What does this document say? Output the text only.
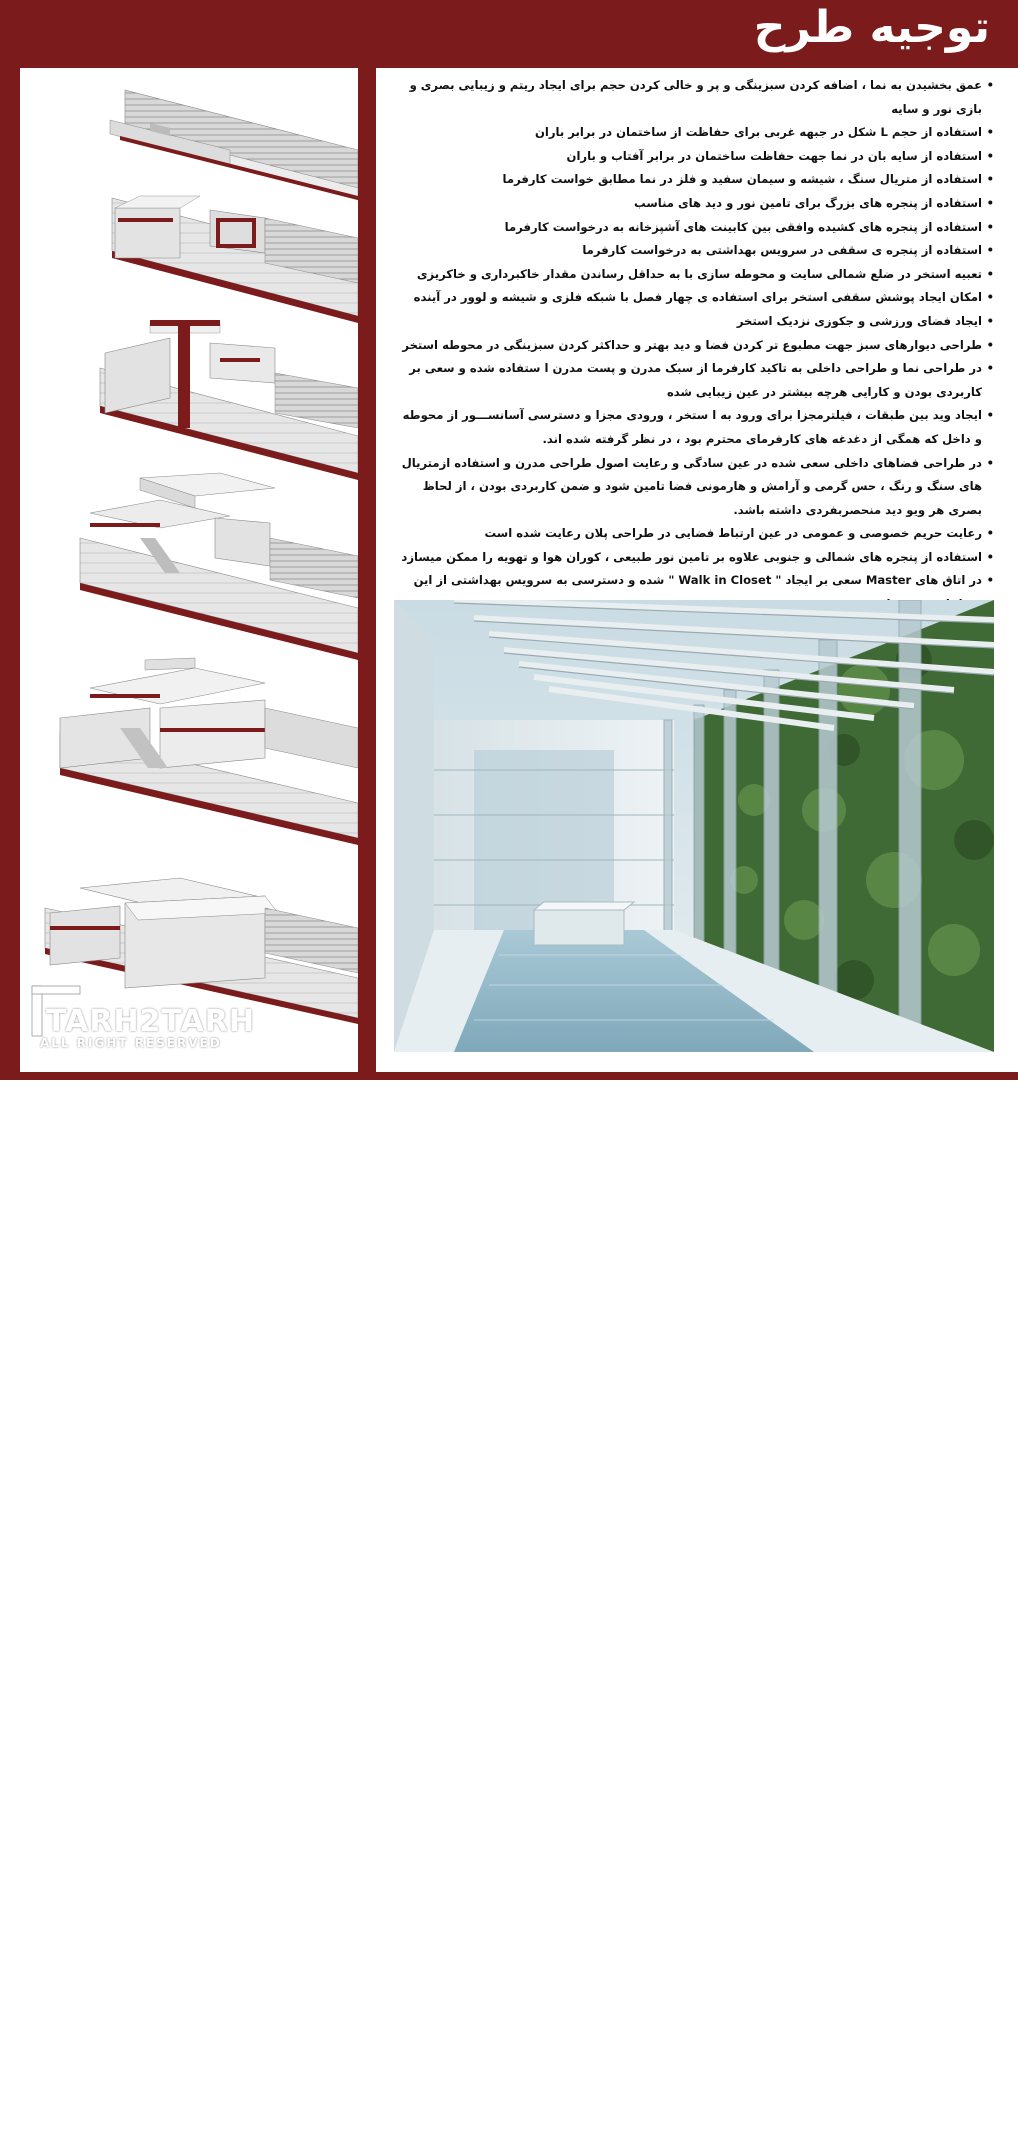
توجیه طرح
1 طرح تو طرح
TARH2TARH
ALL RIGHT RESERVED
• عمق بخشیدن به نما ، اضافه کردن سبزینگی و پر و خالی کردن حجم برای ایجاد ریتم و زیبایی بصری و بازی نور و سایه
• استفاده از حجم L شکل در جبهه غربی برای حفاظت از ساختمان در برابر باران
• استفاده از سایه بان در نما جهت حفاظت ساختمان در برابر آفتاب و باران
• استفاده از متریال سنگ ، شیشه و سیمان سفید و فلز در نما مطابق خواست کارفرما
• استفاده از پنجره های بزرگ برای تامین نور و دید های مناسب
• استفاده از پنجره های کشیده وافقی بین کابینت های آشپزخانه به درخواست کارفرما
• استفاده از پنجره ی سقفی در سرویس بهداشتی به درخواست کارفرما
• تعبیه استخر در ضلع شمالی سایت و محوطه سازی با به حداقل رساندن مقدار خاکبرداری و خاکریزی
• امکان ایجاد پوشش سقفی استخر برای استفاده ی چهار فصل با شبکه فلزی و شیشه و لوور در آینده
• ایجاد فضای ورزشی و جکوزی نزدیک استخر
• طراحی دیوارهای سبز جهت مطبوع تر کردن فضا و دید بهتر و حداکثر کردن سبزینگی در محوطه استخر
• در طراحی نما و طراحی داخلی به تاکید کارفرما از سبک مدرن و پست مدرن ا ستفاده شده و سعی بر کاربردی بودن و کارایی هرچه بیشتر در عین زیبایی شده
• ایجاد وید بین طبقات ، فیلترمجزا برای ورود به ا ستخر ، ورودی مجزا و دسترسی آسانســـور از محوطه و داخل که همگی از دغدغه های کارفرمای محترم بود ، در نظر گرفته شده اند.
• در طراحی فضاهای داخلی سعی شده در عین سادگی و رعایت اصول طراحی مدرن و استفاده ازمتریال های سنگ و رنگ ، حس گرمی و آرامش و هارمونی فضا تامین شود و ضمن کاربردی بودن ، از لحاظ بصری هر ویو دید منحصربفردی داشته باشد.
• رعایت حریم خصوصی و عمومی در عین ارتباط فضایی در طراحی پلان رعایت شده است
• استفاده از پنجره های شمالی و جنوبی علاوه بر تامین نور طبیعی ، کوران هوا و تهویه را ممکن میسازد
• در اتاق های Master سعی بر ایجاد " Walk in Closet " شده و دسترسی به سرویس بهداشتی از این
•
